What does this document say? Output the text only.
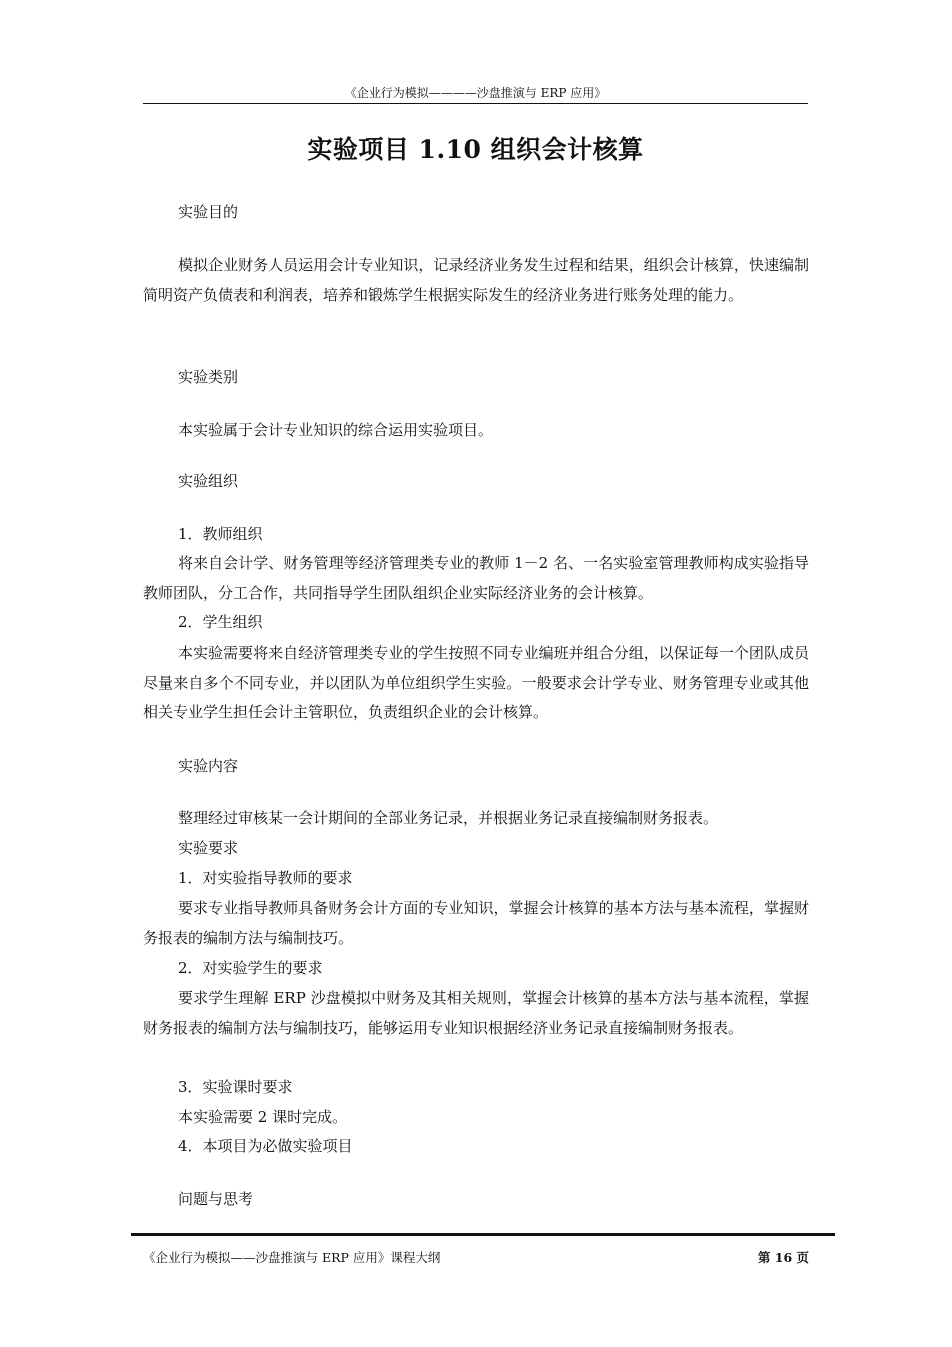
《企业行为模拟————沙盘推演与 ERP 应用》
实验项目 1.10 组织会计核算
实验目的
模拟企业财务人员运用会计专业知识，记录经济业务发生过程和结果，组织会计核算，快速编制简明资产负债表和利润表，培养和锻炼学生根据实际发生的经济业务进行账务处理的能力。
实验类别
本实验属于会计专业知识的综合运用实验项目。
实验组织
1．教师组织
将来自会计学、财务管理等经济管理类专业的教师 1－2 名、一名实验室管理教师构成实验指导教师团队，分工合作，共同指导学生团队组织企业实际经济业务的会计核算。
2．学生组织
本实验需要将来自经济管理类专业的学生按照不同专业编班并组合分组，以保证每一个团队成员尽量来自多个不同专业，并以团队为单位组织学生实验。一般要求会计学专业、财务管理专业或其他相关专业学生担任会计主管职位，负责组织企业的会计核算。
实验内容
整理经过审核某一会计期间的全部业务记录，并根据业务记录直接编制财务报表。
实验要求
1．对实验指导教师的要求
要求专业指导教师具备财务会计方面的专业知识，掌握会计核算的基本方法与基本流程，掌握财务报表的编制方法与编制技巧。
2．对实验学生的要求
要求学生理解 ERP 沙盘模拟中财务及其相关规则，掌握会计核算的基本方法与基本流程，掌握财务报表的编制方法与编制技巧，能够运用专业知识根据经济业务记录直接编制财务报表。
3．实验课时要求
本实验需要 2 课时完成。
4．本项目为必做实验项目
问题与思考
《企业行为模拟——沙盘推演与 ERP 应用》课程大纲	第 16 页
